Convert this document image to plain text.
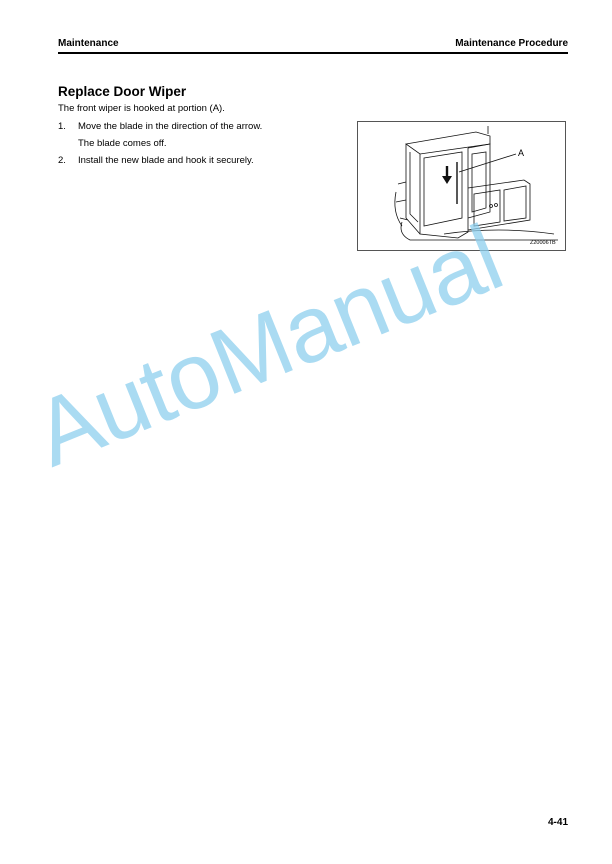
Maintenance	Maintenance Procedure
Replace Door Wiper
The front wiper is hooked at portion (A).
1. Move the blade in the direction of the arrow.
The blade comes off.
2. Install the new blade and hook it securely.
A
Z20006TB
AutoManual
4-41
